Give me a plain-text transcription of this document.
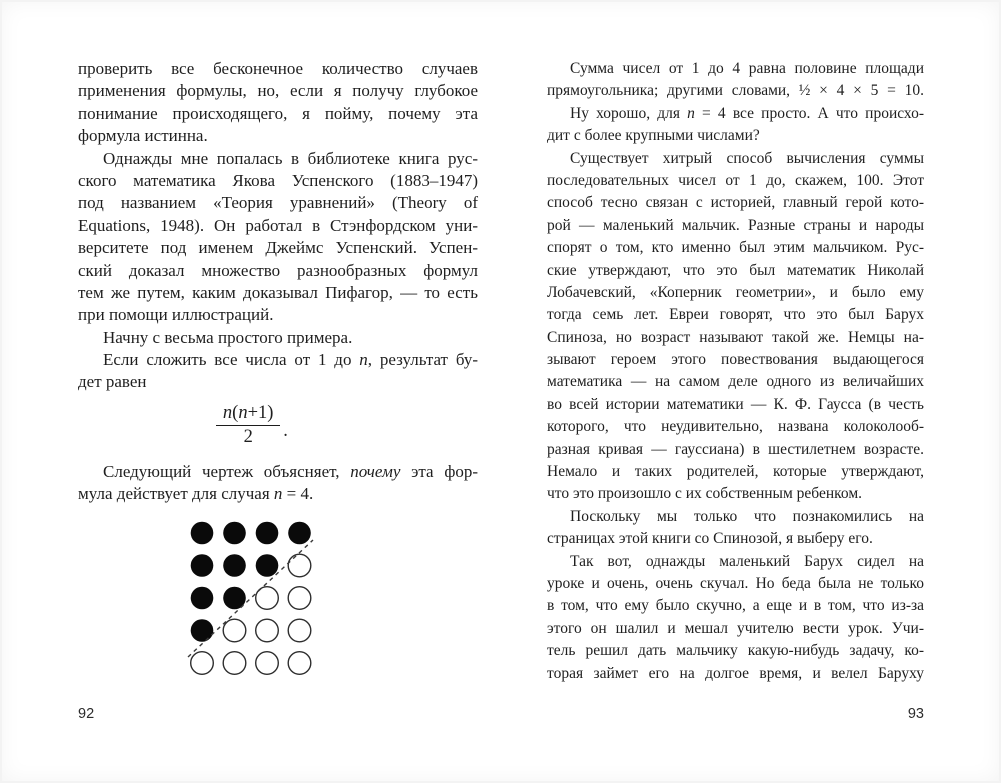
проверить все бесконечное количество случаев
применения формулы, но, если я получу глубокое
понимание происходящего, я пойму, почему эта
формула истинна.
Однажды мне попалась в библиотеке книга рус-
ского математика Якова Успенского (1883–1947)
под названием «Теория уравнений» (Theory of
Equations, 1948). Он работал в Стэнфордском уни-
верситете под именем Джеймс Успенский. Успен-
ский доказал множество разнообразных формул
тем же путем, каким доказывал Пифагор, — то есть
при помощи иллюстраций.
Начну с весьма простого примера.
Если сложить все числа от 1 до n, результат бу-
дет равен
$\frac{n(n+1)}{2}$ .
Следующий чертеж объясняет, почему эта фор-
мула действует для случая n = 4.
Сумма чисел от 1 до 4 равна половине площади
прямоугольника; другими словами, ½ × 4 × 5 = 10.
Ну хорошо, для n = 4 все просто. А что происхо-
дит с более крупными числами?
Существует хитрый способ вычисления суммы
последовательных чисел от 1 до, скажем, 100. Этот
способ тесно связан с историей, главный герой кото-
рой — маленький мальчик. Разные страны и народы
спорят о том, кто именно был этим мальчиком. Рус-
ские утверждают, что это был математик Николай
Лобачевский, «Коперник геометрии», и было ему
тогда семь лет. Евреи говорят, что это был Барух
Спиноза, но возраст называют такой же. Немцы на-
зывают героем этого повествования выдающегося
математика — на самом деле одного из величайших
во всей истории математики — К. Ф. Гаусса (в честь
которого, что неудивительно, названа колоколооб-
разная кривая — гауссиана) в шестилетнем возрасте.
Немало и таких родителей, которые утверждают,
что это произошло с их собственным ребенком.
Поскольку мы только что познакомились на
страницах этой книги со Спинозой, я выберу его.
Так вот, однажды маленький Барух сидел на
уроке и очень, очень скучал. Но беда была не только
в том, что ему было скучно, а еще и в том, что из-за
этого он шалил и мешал учителю вести урок. Учи-
тель решил дать мальчику какую-нибудь задачу, ко-
торая займет его на долгое время, и велел Баруху
92	93
